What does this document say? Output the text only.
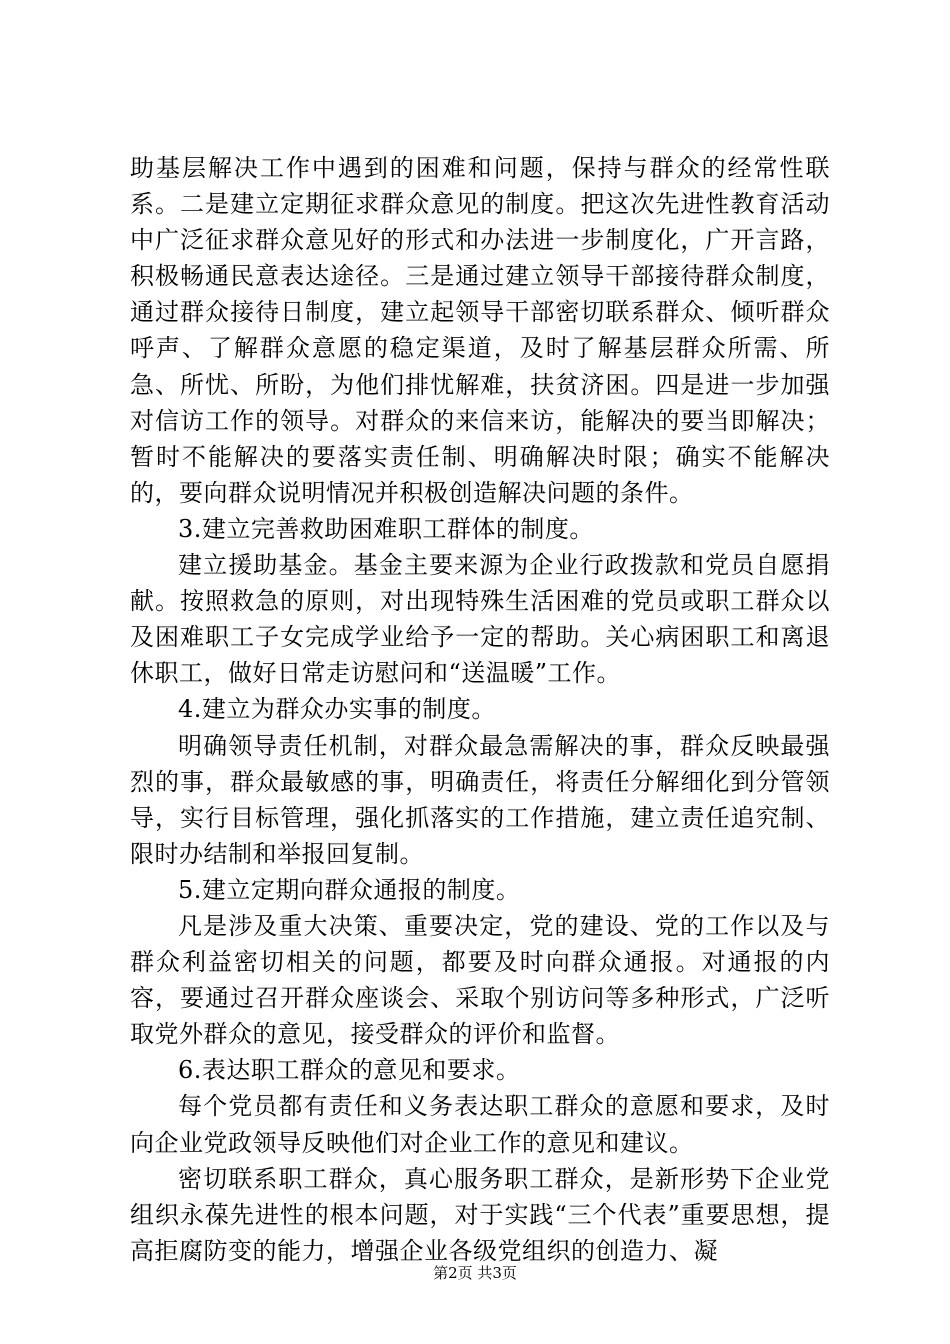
助基层解决工作中遇到的困难和问题，保持与群众的经常性联系。二是建立定期征求群众意见的制度。把这次先进性教育活动中广泛征求群众意见好的形式和办法进一步制度化，广开言路，积极畅通民意表达途径。三是通过建立领导干部接待群众制度，通过群众接待日制度，建立起领导干部密切联系群众、倾听群众呼声、了解群众意愿的稳定渠道，及时了解基层群众所需、所急、所忧、所盼，为他们排忧解难，扶贫济困。四是进一步加强对信访工作的领导。对群众的来信来访，能解决的要当即解决；暂时不能解决的要落实责任制、明确解决时限；确实不能解决的，要向群众说明情况并积极创造解决问题的条件。

3.建立完善救助困难职工群体的制度。

建立援助基金。基金主要来源为企业行政拨款和党员自愿捐献。按照救急的原则，对出现特殊生活困难的党员或职工群众以及困难职工子女完成学业给予一定的帮助。关心病困职工和离退休职工，做好日常走访慰问和“送温暖”工作。

4.建立为群众办实事的制度。

明确领导责任机制，对群众最急需解决的事，群众反映最强烈的事，群众最敏感的事，明确责任，将责任分解细化到分管领导，实行目标管理，强化抓落实的工作措施，建立责任追究制、限时办结制和举报回复制。

5.建立定期向群众通报的制度。

凡是涉及重大决策、重要决定，党的建设、党的工作以及与群众利益密切相关的问题，都要及时向群众通报。对通报的内容，要通过召开群众座谈会、采取个别访问等多种形式，广泛听取党外群众的意见，接受群众的评价和监督。

6.表达职工群众的意见和要求。

每个党员都有责任和义务表达职工群众的意愿和要求，及时向企业党政领导反映他们对企业工作的意见和建议。

密切联系职工群众，真心服务职工群众，是新形势下企业党组织永葆先进性的根本问题，对于实践“三个代表”重要思想，提高拒腐防变的能力，增强企业各级党组织的创造力、凝

第2页 共3页
